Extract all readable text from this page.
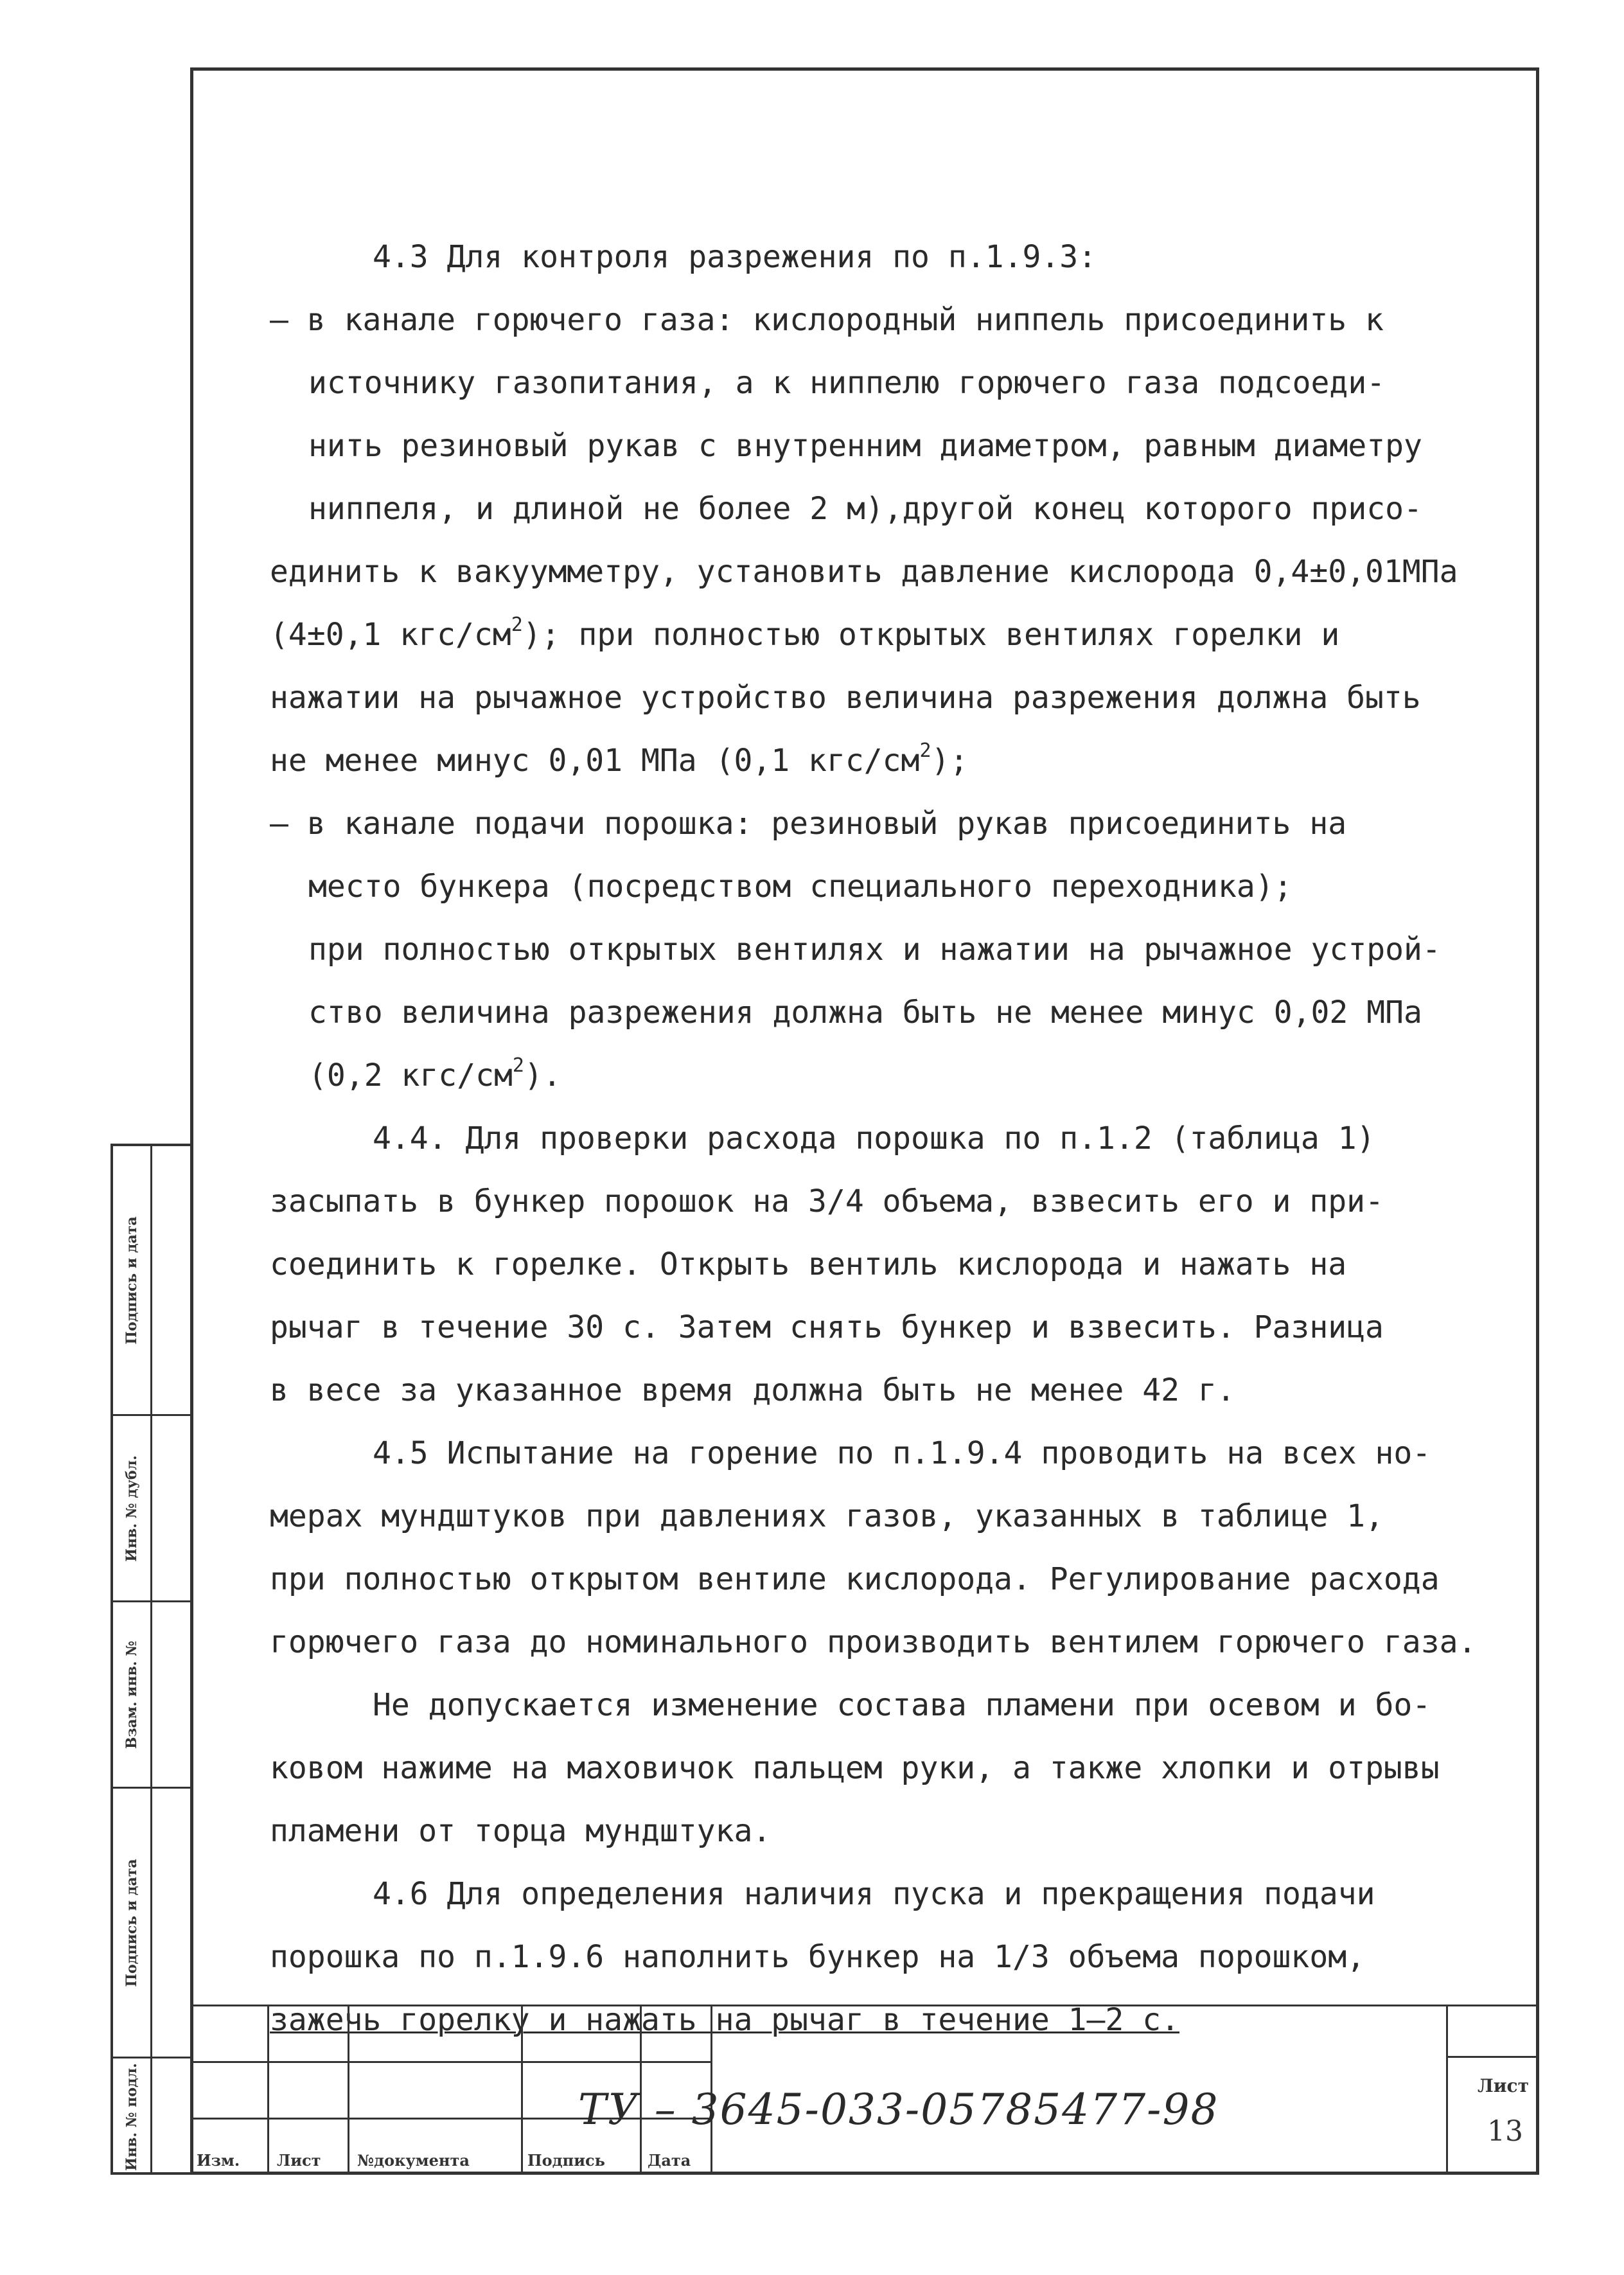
Подпись и дата
Инв. № дубл.
Взам. инв. №
Подпись и дата
Инв. № подл.
4.3 Для контроля разрежения по п.1.9.3:
– в канале горючего газа: кислородный ниппель присоединить к
источнику газопитания, а к ниппелю горючего газа подсоеди-
нить резиновый рукав с внутренним диаметром, равным диаметру
ниппеля, и длиной не более 2 м),другой конец которого присо-
единить к вакуумметру, установить давление кислорода 0,4±0,01МПа
(4±0,1 кгс/$см^2$); при полностью открытых вентилях горелки и
нажатии на рычажное устройство величина разрежения должна быть
не менее минус 0,01 МПа (0,1 кгс/$см^2$);
– в канале подачи порошка: резиновый рукав присоединить на
место бункера (посредством специального переходника);
при полностью открытых вентилях и нажатии на рычажное устрой-
ство величина разрежения должна быть не менее минус 0,02 МПа
(0,2 кгс/$см^2$).
4.4. Для проверки расхода порошка по п.1.2 (таблица 1)
засыпать в бункер порошок на 3/4 объема, взвесить его и при-
соединить к горелке. Открыть вентиль кислорода и нажать на
рычаг в течение 30 с. Затем снять бункер и взвесить. Разница
в весе за указанное время должна быть не менее 42 г.
4.5 Испытание на горение по п.1.9.4 проводить на всех но-
мерах мундштуков при давлениях газов, указанных в таблице 1,
при полностью открытом вентиле кислорода. Регулирование расхода
горючего газа до номинального производить вентилем горючего газа.
Не допускается изменение состава пламени при осевом и бо-
ковом нажиме на маховичок пальцем руки, а также хлопки и отрывы
пламени от торца мундштука.
4.6 Для определения наличия пуска и прекращения подачи
порошка по п.1.9.6 наполнить бункер на 1/3 объема порошком,
зажечь горелку и нажать на рычаг в течение 1–2 с.
Изм. Лист №документа	Подпись	Дата
ТУ – 3645-033-05785477-98	Лист
13
